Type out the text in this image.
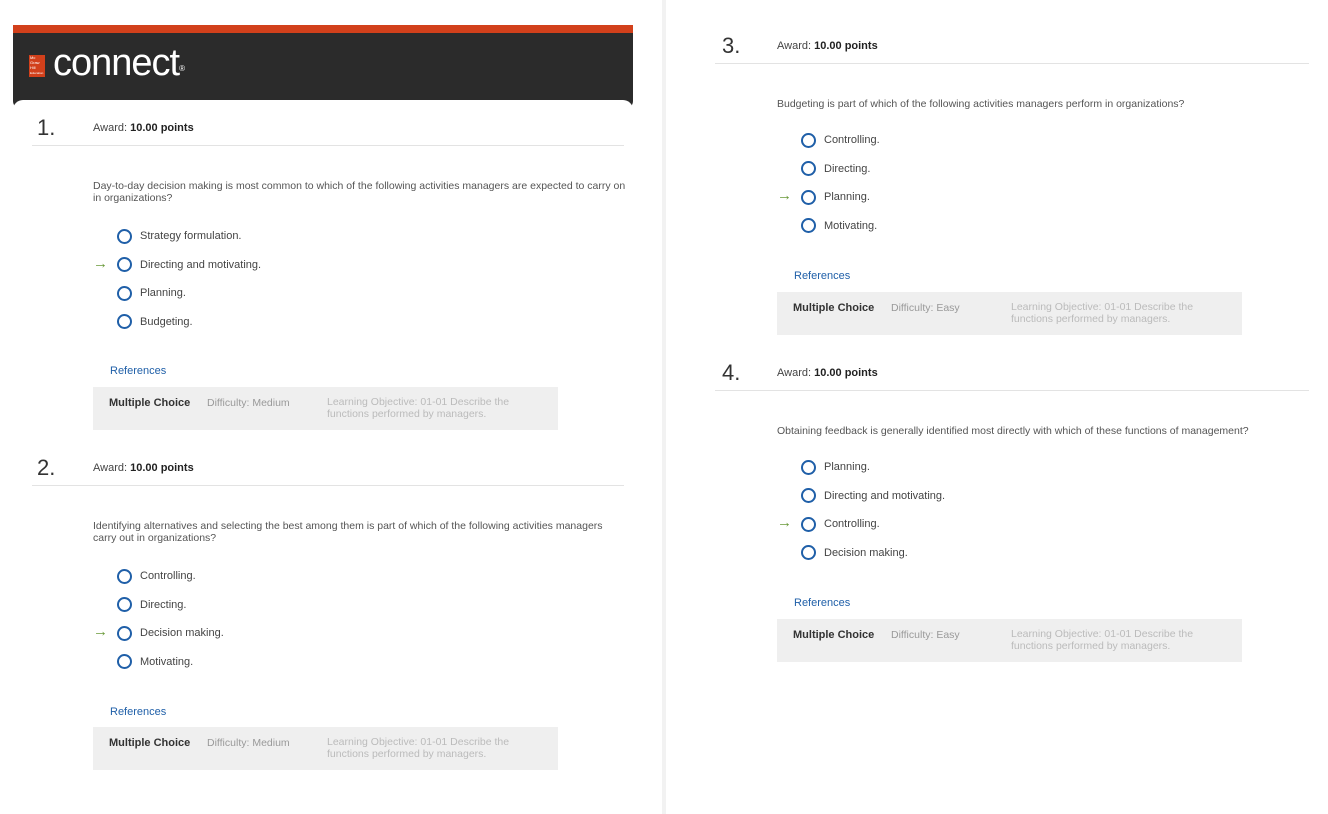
Mc
Graw
Hill
Education connect®
1.	Award: 10.00 points
Day-to-day decision making is most common to which of the following activities managers are expected to carry on in organizations?
Strategy formulation.
→	Directing and motivating.
Planning.
Budgeting.
References
Multiple Choice Difficulty: Medium	Learning Objective: 01-01 Describe the functions performed by managers.
2.	Award: 10.00 points
Identifying alternatives and selecting the best among them is part of which of the following activities managers carry out in organizations?
Controlling.
Directing.
→	Decision making.
Motivating.
References
Multiple Choice Difficulty: Medium	Learning Objective: 01-01 Describe the functions performed by managers.
3.	Award: 10.00 points
Budgeting is part of which of the following activities managers perform in organizations?
Controlling.
Directing.
→	Planning.
Motivating.
References
Multiple Choice Difficulty: Easy	Learning Objective: 01-01 Describe the functions performed by managers.
4.	Award: 10.00 points
Obtaining feedback is generally identified most directly with which of these functions of management?
Planning.
Directing and motivating.
→	Controlling.
Decision making.
References
Multiple Choice Difficulty: Easy	Learning Objective: 01-01 Describe the functions performed by managers.
